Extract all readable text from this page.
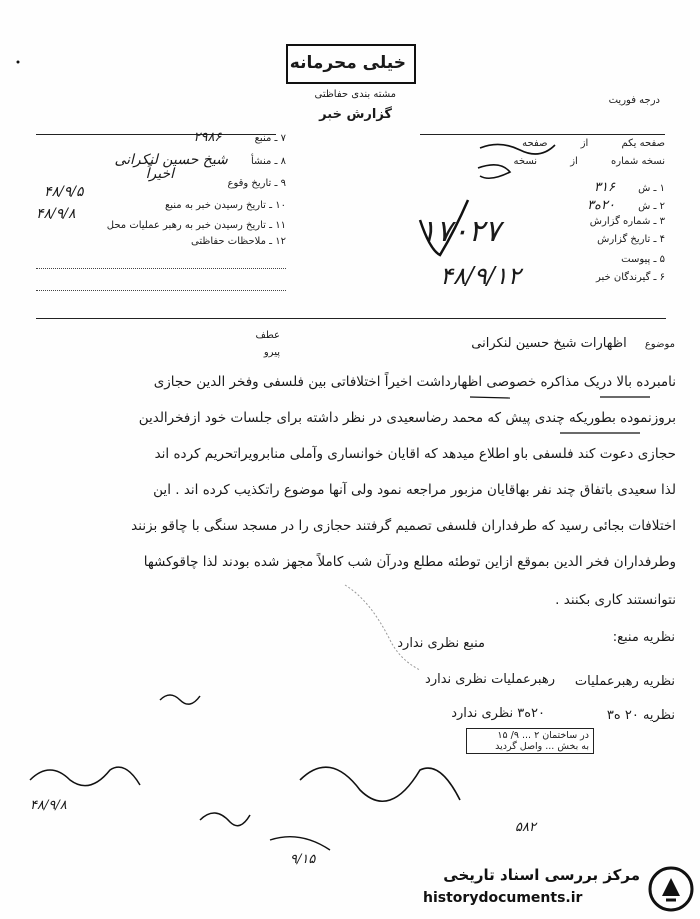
خیلی محرمانه
مشته بندی حفاظتی
گزارش خبر
درجه فوریت
۷ ـ منبع ۲۹۸۶
۸ ـ منشأ شیخ حسین لنکرانی
اخیراً
۹ ـ تاریخ وقوع
۱۰ ـ تاریخ رسیدن خبر به منبع
۴۸/۹/۵
۱۱ ـ تاریخ رسیدن خبر به رهبر عملیات محل
۴۸/۹/۸
۱۲ ـ ملاحظات حفاظتی
صفحه یکم از صفحه
نسخه شماره از نسخه
۱ ـ ش ۳۱۶
۲ ـ ش ۲۰ه۳
۳ ـ شماره گزارش
۴ ـ تاریخ گزارش
۱۷۰۲۷
۵ ـ پیوست
۶ ـ گیرندگان خبر
۴۸/۹/۱۲
موضوع اظهارات شیخ حسین لنکرانی
عطف
پیرو
نامبرده بالا دریک مذاکره خصوصی اظهارداشت اخیراً اختلافاتی بین فلسفی وفخر الدین حجازی
بروزنموده بطوریکه چندی پیش که محمد رضاسعیدی در نظر داشته برای جلسات خود ازفخرالدین
حجازی دعوت کند فلسفی باو اطلاع میدهد که اقایان خوانساری وآملی منابرویراتحریم کرده اند
لذا سعیدی باتفاق چند نفر بهاقایان مزبور مراجعه نمود ولی آنها موضوع راتکذیب کرده اند . این
اختلافات بجائی رسید که طرفداران فلسفی تصمیم گرفتند حجازی را در مسجد سنگی با چاقو بزنند
وطرفداران فخر الدین بموقع ازاین توطئه مطلع ودرآن شب کاملاً مجهز شده بودند لذا چاقوکشها
نتوانستند کاری بکنند .
نظریه منبع:
منبع نظری ندارد
نظریه رهبرعملیات
رهبرعملیات نظری ندارد
نظریه ۲۰ ه۳
۲۰ه۳ نظری ندارد
در ساختمان ۲ ... ۹/ ۱۵
به بخش ... واصل گردید
۴۸/۹/۸
۹/۱۵
۵۸۲
مرکز بررسی اسناد تاریخی
historydocuments.ir
